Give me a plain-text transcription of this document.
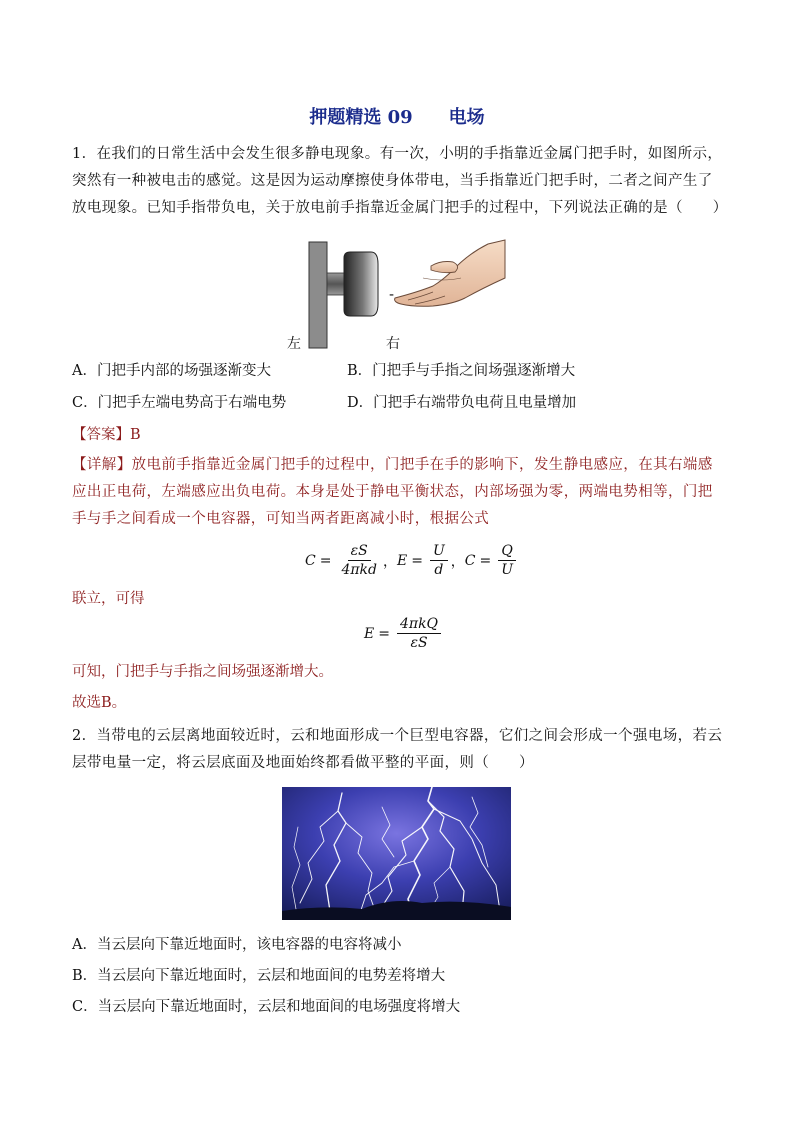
押题精选 09　　电场
1．在我们的日常生活中会发生很多静电现象。有一次，小明的手指靠近金属门把手时，如图所示，突然有一种被电击的感觉。这是因为运动摩擦使身体带电，当手指靠近门把手时，二者之间产生了放电现象。已知手指带负电，关于放电前手指靠近金属门把手的过程中，下列说法正确的是（　　）
-
左	右
A．门把手内部的场强逐渐变大	B．门把手与手指之间场强逐渐增大
C．门把手左端电势高于右端电势	D．门把手右端带负电荷且电量增加
【答案】B
【详解】放电前手指靠近金属门把手的过程中，门把手在手的影响下，发生静电感应，在其右端感应出正电荷，左端感应出负电荷。本身是处于静电平衡状态，内部场强为零，两端电势相等，门把手与手之间看成一个电容器，可知当两者距离减小时，根据公式
$C = \frac{\varepsilon S}{\text{4πkd}}$ ， $E = \frac{U}{d}$ ， $C = \frac{Q}{U}$
联立，可得
$E = \frac{\text{4πkQ}}{\varepsilon S}$
可知，门把手与手指之间场强逐渐增大。
故选B。
2．当带电的云层离地面较近时，云和地面形成一个巨型电容器，它们之间会形成一个强电场，若云层带电量一定，将云层底面及地面始终都看做平整的平面，则（　　）
A．当云层向下靠近地面时，该电容器的电容将减小
B．当云层向下靠近地面时，云层和地面间的电势差将增大
C．当云层向下靠近地面时，云层和地面间的电场强度将增大
